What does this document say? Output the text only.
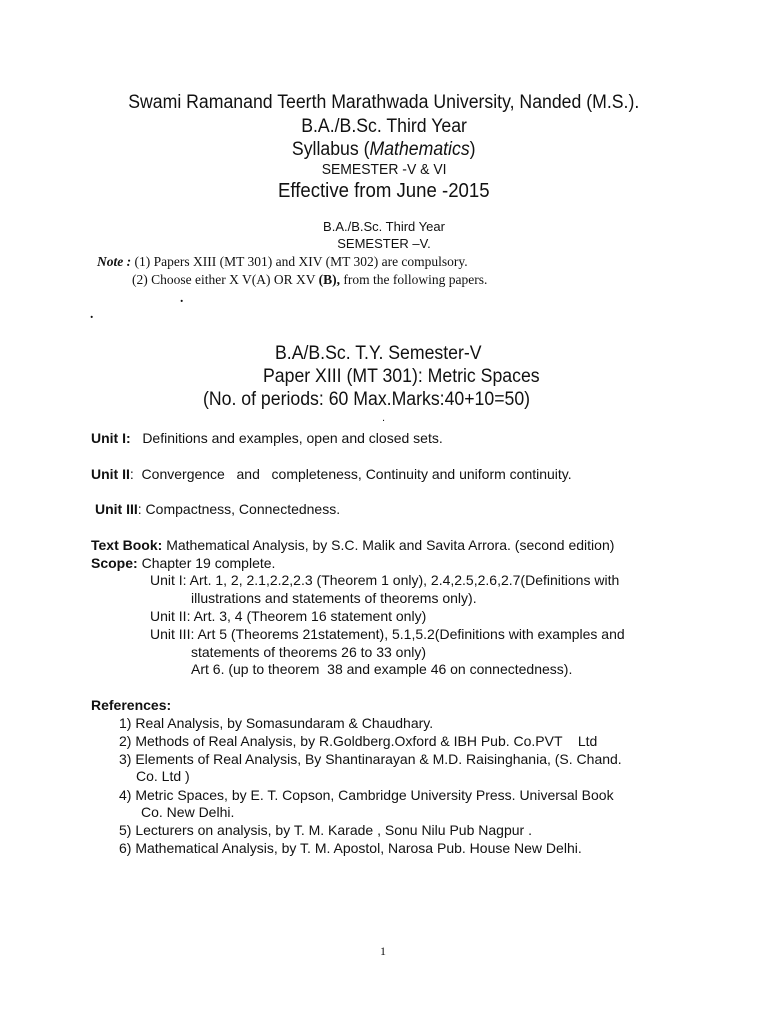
Swami Ramanand Teerth Marathwada University, Nanded (M.S.).
B.A./B.Sc. Third Year
Syllabus (Mathematics)
SEMESTER -V & VI
Effective from June -2015
B.A./B.Sc. Third Year
SEMESTER –V.
Note : (1) Papers XIII (MT 301) and XIV (MT 302) are compulsory.
(2) Choose either X V(A) OR XV (B), from the following papers.
.
.
B.A/B.Sc. T.Y. Semester-V
Paper XIII (MT 301): Metric Spaces
(No. of periods: 60 Max.Marks:40+10=50)
.
Unit I:   Definitions and examples, open and closed sets.
Unit II:  Convergence   and   completeness, Continuity and uniform continuity.
Unit III: Compactness, Connectedness.
Text Book: Mathematical Analysis, by S.C. Malik and Savita Arrora. (second edition)
Scope: Chapter 19 complete.
Unit I: Art. 1, 2, 2.1,2.2,2.3 (Theorem 1 only), 2.4,2.5,2.6,2.7(Definitions with
illustrations and statements of theorems only).
Unit II: Art. 3, 4 (Theorem 16 statement only)
Unit III: Art 5 (Theorems 21statement), 5.1,5.2(Definitions with examples and
statements of theorems 26 to 33 only)
Art 6. (up to theorem  38 and example 46 on connectedness).
References:
1) Real Analysis, by Somasundaram & Chaudhary.
2) Methods of Real Analysis, by R.Goldberg.Oxford & IBH Pub. Co.PVT    Ltd
3) Elements of Real Analysis, By Shantinarayan & M.D. Raisinghania, (S. Chand.
Co. Ltd )
4) Metric Spaces, by E. T. Copson, Cambridge University Press. Universal Book
Co. New Delhi.
5) Lecturers on analysis, by T. M. Karade , Sonu Nilu Pub Nagpur .
6) Mathematical Analysis, by T. M. Apostol, Narosa Pub. House New Delhi.
1
